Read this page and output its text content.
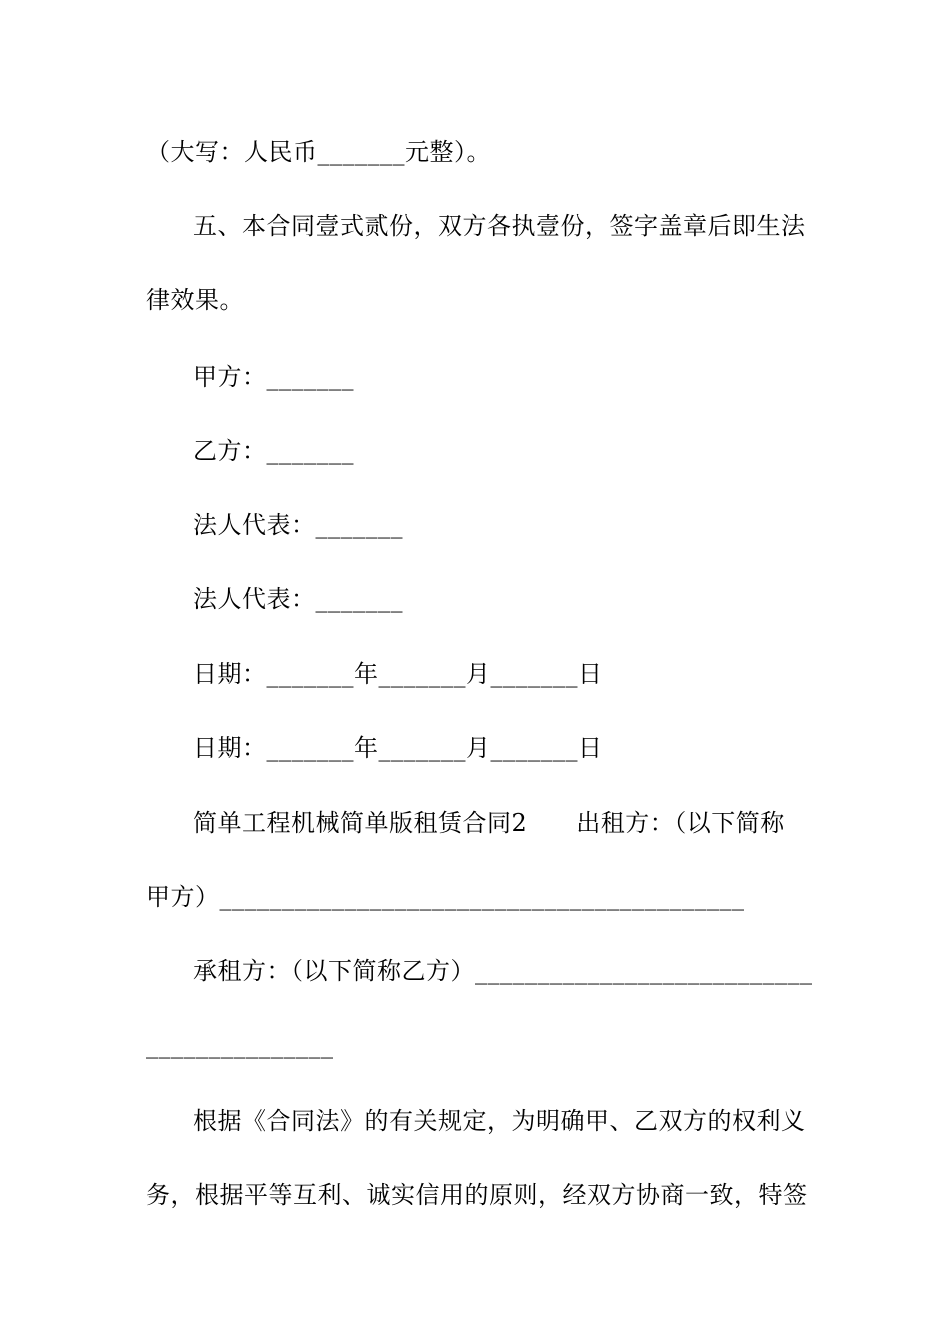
（大写：人民币_______元整）。
五、本合同壹式贰份，双方各执壹份，签字盖章后即生法
律效果。
甲方：_______
乙方：_______
法人代表：_______
法人代表：_______
日期：_______年_______月_______日
日期：_______年_______月_______日
简单工程机械简单版租赁合同2　　出租方：（以下简称
甲方）__________________________________________
承租方：（以下简称乙方）___________________________
_______________
根据《合同法》的有关规定，为明确甲、乙双方的权利义
务，根据平等互利、诚实信用的原则，经双方协商一致，特签
